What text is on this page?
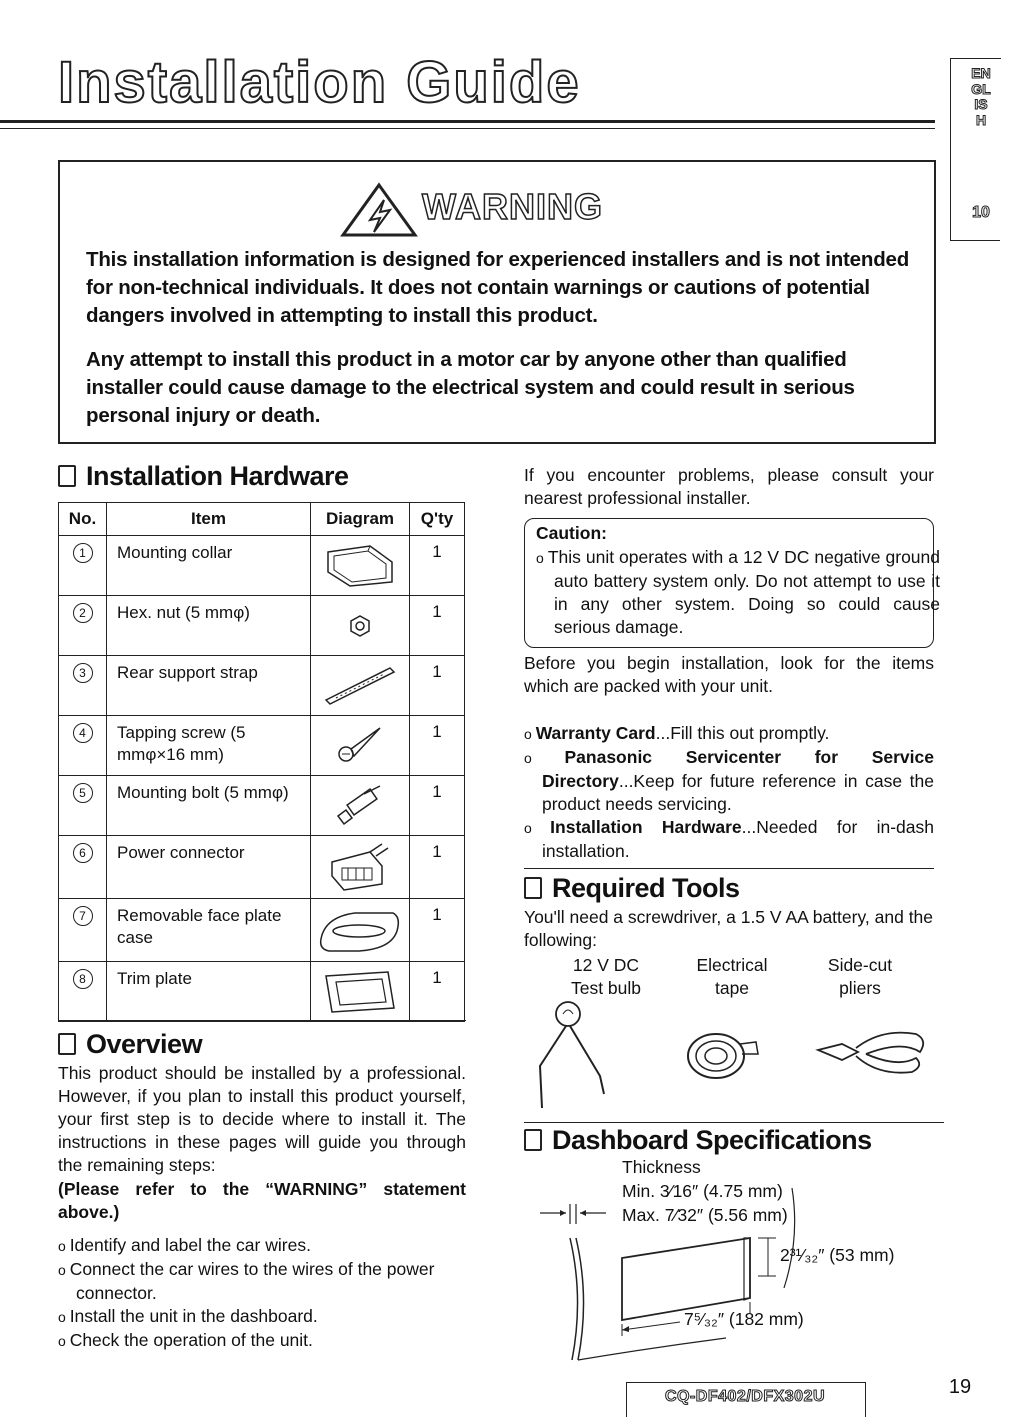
Installation Guide	ENGLISH
10
WARNING
This installation information is designed for experienced installers and is not intended for non-technical individuals. It does not contain warnings or cautions of potential dangers involved in attempting to install this product.
Any attempt to install this product in a motor car by anyone other than qualified installer could cause damage to the electrical system and could result in serious personal injury or death.
Installation Hardware
No.	Item	Diagram	Q'ty
1	Mounting collar		1
2	Hex. nut (5 mmφ)		1
3	Rear support strap		1
4	Tapping screw (5 mmφ×16 mm)		1
5	Mounting bolt (5 mmφ)		1
6	Power connector		1
7	Removable face plate case		1
8	Trim plate		1
Overview
This product should be installed by a professional. However, if you plan to install this product yourself, your first step is to decide where to install it. The instructions in these pages will guide you through the remaining steps:
(Please refer to the “WARNING” statement above.)
o Identify and label the car wires.
o Connect the car wires to the wires of the power connector.
o Install the unit in the dashboard.
o Check the operation of the unit.
If you encounter problems, please consult your nearest professional installer.
Caution:
o This unit operates with a 12 V DC negative ground auto battery system only. Do not attempt to use it in any other system. Doing so could cause serious damage.
Before you begin installation, look for the items which are packed with your unit.
o Warranty Card...Fill this out promptly.
o Panasonic Servicenter for Service Directory...Keep for future reference in case the product needs servicing.
o Installation Hardware...Needed for in-dash installation.
Required Tools
You'll need a screwdriver, a 1.5 V AA battery, and the following:
12 V DC
Test bulb
Electrical
tape
Side-cut
pliers
Dashboard Specifications
Thickness
Min. 3⁄16″ (4.75 mm)
Max. 7⁄32″ (5.56 mm)
2³¹⁄₃₂″ (53 mm)
7⁵⁄₃₂″ (182 mm)
CQ-DF402/DFX302U	19
